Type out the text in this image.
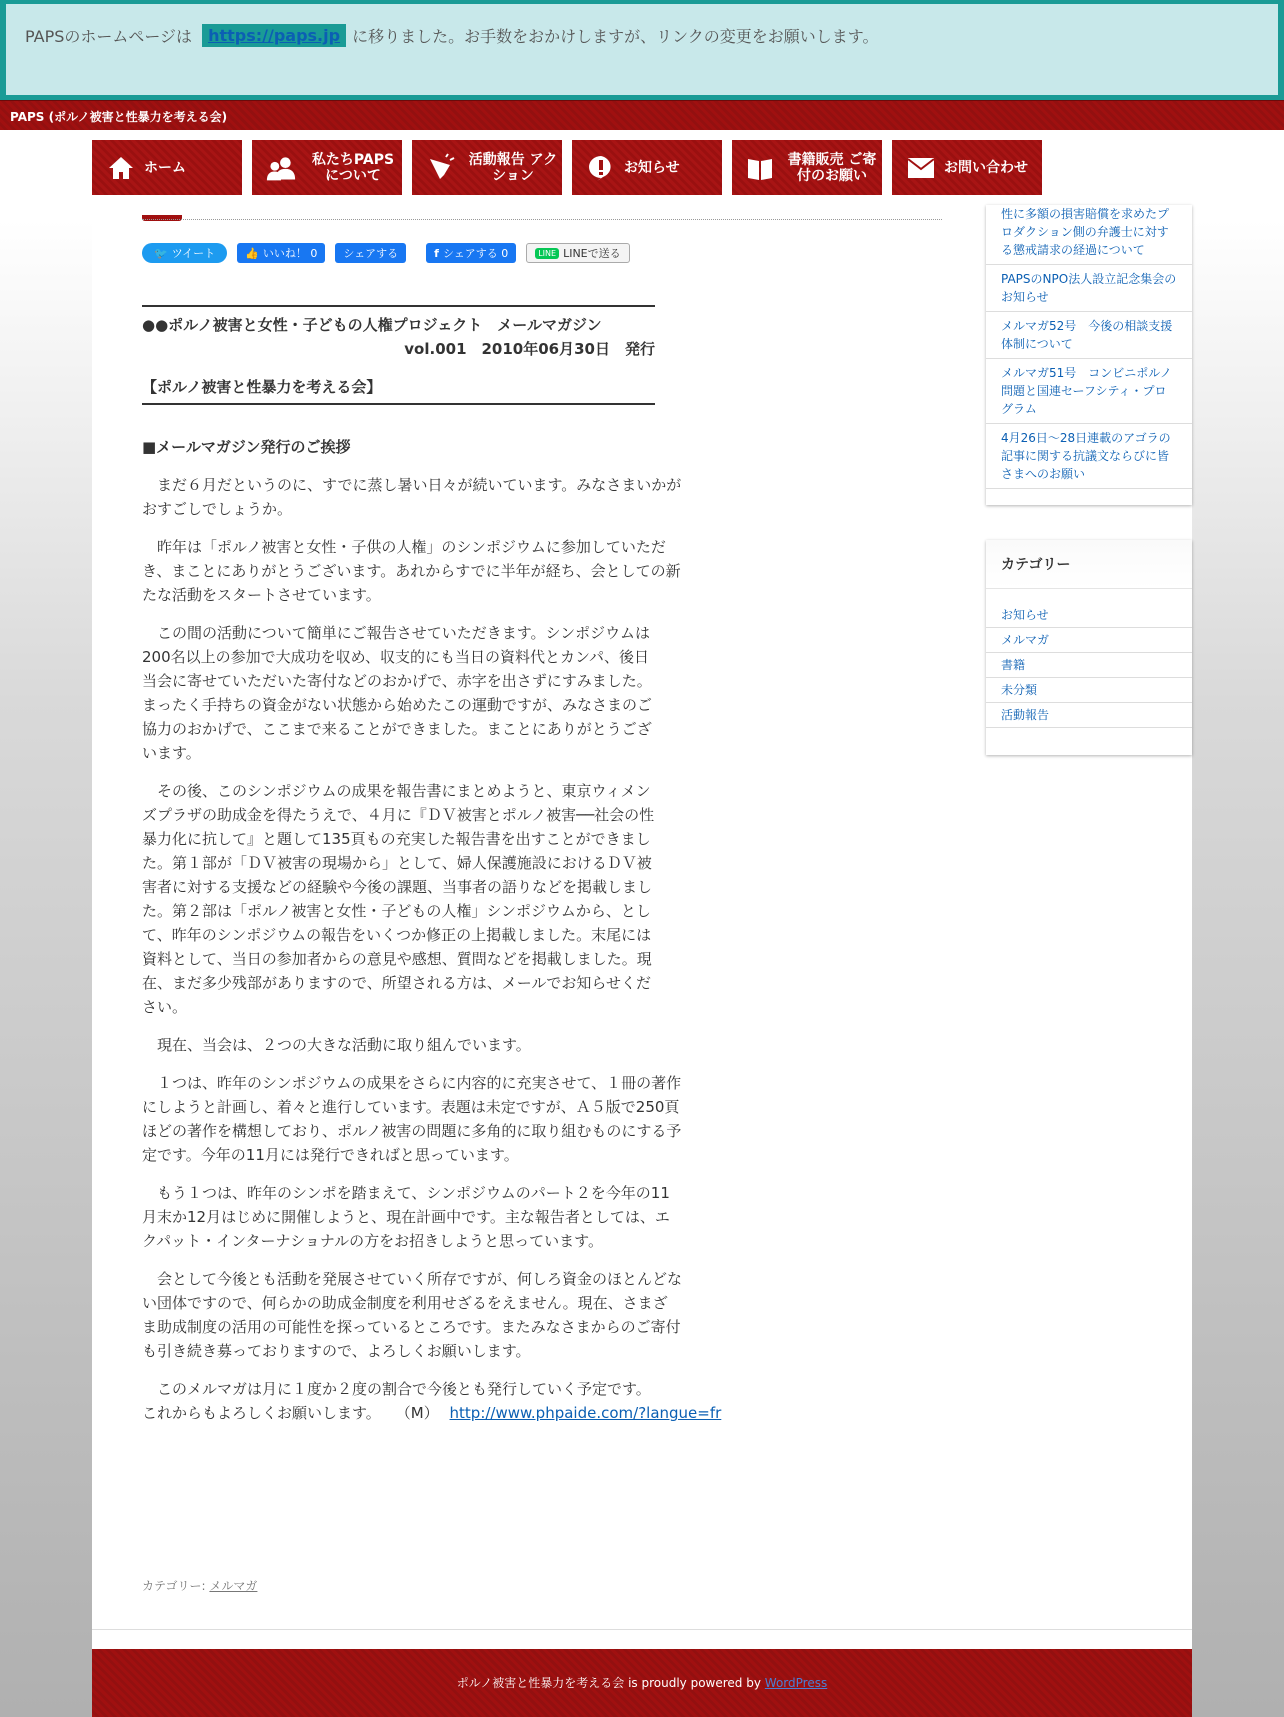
PAPSのホームページは	https://paps.jp に移りました。お手数をおかけしますが、リンクの変更をお願いします。
PAPS (ポルノ被害と性暴力を考える会)
ホーム	私たちPAPS について
活動報告 アクション	お知らせ	書籍販売 ご寄付のお願い	お問い合わせ
🐦 ツイート	👍 いいね！ 0	シェアする	f シェアする 0	LINE LINEで送る
●●ポルノ被害と女性・子どもの人権プロジェクト　メールマガジン
vol.001　2010年06月30日　発行
【ポルノ被害と性暴力を考える会】
■メールマガジン発行のご挨拶

　まだ６月だというのに、すでに蒸し暑い日々が続いています。みなさまいかがおすごしでしょうか。

　昨年は「ポルノ被害と女性・子供の人権」のシンポジウムに参加していただき、まことにありがとうございます。あれからすでに半年が経ち、会としての新たな活動をスタートさせています。

　この間の活動について簡単にご報告させていただきます。シンポジウムは200名以上の参加で大成功を収め、収支的にも当日の資料代とカンパ、後日当会に寄せていただいた寄付などのおかげで、赤字を出さずにすみました。まったく手持ちの資金がない状態から始めたこの運動ですが、みなさまのご協力のおかげで、ここまで来ることができました。まことにありがとうございます。

　その後、このシンポジウムの成果を報告書にまとめようと、東京ウィメンズプラザの助成金を得たうえで、４月に『ＤＶ被害とポルノ被害──社会の性暴力化に抗して』と題して135頁もの充実した報告書を出すことができました。第１部が「ＤＶ被害の現場から」として、婦人保護施設におけるＤＶ被害者に対する支援などの経験や今後の課題、当事者の語りなどを掲載しました。第２部は「ポルノ被害と女性・子どもの人権」シンポジウムから、として、昨年のシンポジウムの報告をいくつか修正の上掲載しました。末尾には資料として、当日の参加者からの意見や感想、質問などを掲載しました。現在、まだ多少残部がありますので、所望される方は、メールでお知らせください。

　現在、当会は、２つの大きな活動に取り組んでいます。

　１つは、昨年のシンポジウムの成果をさらに内容的に充実させて、１冊の著作にしようと計画し、着々と進行しています。表題は未定ですが、Ａ５版で250頁ほどの著作を構想しており、ポルノ被害の問題に多角的に取り組むものにする予定です。今年の11月には発行できればと思っています。

　もう１つは、昨年のシンポを踏まえて、シンポジウムのパート２を今年の11月末か12月はじめに開催しようと、現在計画中です。主な報告者としては、エクパット・インターナショナルの方をお招きしようと思っています。

　会として今後とも活動を発展させていく所存ですが、何しろ資金のほとんどない団体ですので、何らかの助成金制度を利用せざるをえません。現在、さまざま助成制度の活用の可能性を探っているところです。またみなさまからのご寄付も引き続き募っておりますので、よろしくお願いします。

　このメルマガは月に１度か２度の割合で今後とも発行していく予定です。
これからもよろしくお願いします。　　（M） http://www.phpaide.com/?langue=fr

カテゴリー: メルマガ
性に多額の損害賠償を求めたプロダクション側の弁護士に対する懲戒請求の経過について
PAPSのNPO法人設立記念集会のお知らせ
メルマガ52号　今後の相談支援体制について
メルマガ51号　コンビニポルノ問題と国連セーフシティ・プログラム
4月26日〜28日連載のアゴラの記事に関する抗議文ならびに皆さまへのお願い
カテゴリー
お知らせ
メルマガ
書籍
未分類
活動報告
ポルノ被害と性暴力を考える会 is proudly powered by WordPress
